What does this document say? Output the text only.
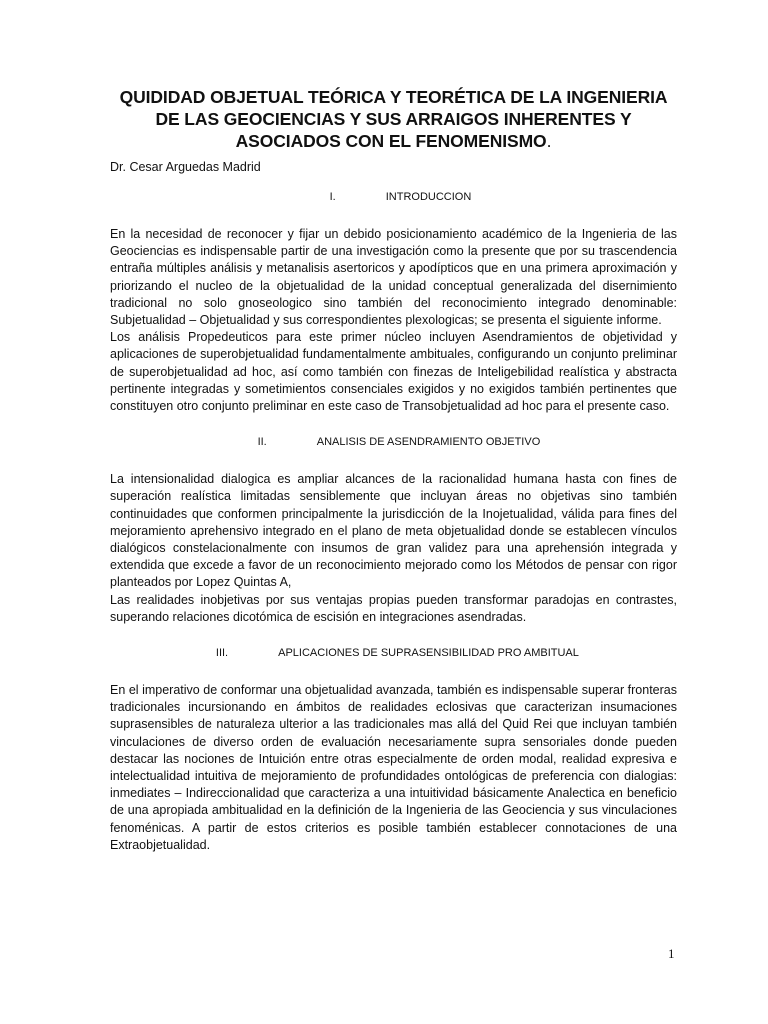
QUIDIDAD OBJETUAL TEÓRICA Y TEORÉTICA DE LA INGENIERIA DE LAS GEOCIENCIAS Y SUS ARRAIGOS INHERENTES Y ASOCIADOS CON EL FENOMENISMO.

Dr. Cesar Arguedas Madrid

I.	INTRODUCCION

En la necesidad de reconocer y fijar un debido posicionamiento académico de la Ingenieria de las Geociencias es indispensable partir de una investigación como la presente que por su trascendencia entraña múltiples análisis y metanalisis asertoricos y apodípticos que en una primera aproximación y priorizando el nucleo de la objetualidad de la unidad conceptual generalizada del disernimiento tradicional no solo gnoseologico sino también del reconocimiento integrado denominable: Subjetualidad – Objetualidad y sus correspondientes plexologicas; se presenta el siguiente informe.

Los análisis Propedeuticos para este primer núcleo incluyen Asendramientos de objetividad y aplicaciones de superobjetualidad fundamentalmente ambituales, configurando un conjunto preliminar de superobjetualidad ad hoc, así como también con finezas de Inteligebilidad realística y abstracta pertinente integradas y sometimientos consenciales exigidos y no exigidos también pertinentes que constituyen otro conjunto preliminar en este caso de Transobjetualidad ad hoc para el presente caso.

II.	ANALISIS DE ASENDRAMIENTO OBJETIVO

La intensionalidad dialogica es ampliar alcances de la racionalidad humana hasta con fines de superación realística limitadas sensiblemente que incluyan áreas no objetivas sino también continuidades que conformen principalmente la jurisdicción de la Inojetualidad, válida para fines del mejoramiento aprehensivo integrado en el plano de meta objetualidad donde se establecen vínculos dialógicos constelacionalmente con insumos de gran validez para una aprehensión integrada y extendida que excede a favor de un reconocimiento mejorado como los Métodos de pensar con rigor planteados por Lopez Quintas A,

Las realidades inobjetivas por sus ventajas propias pueden transformar paradojas en contrastes, superando relaciones dicotómica de escisión en integraciones asendradas.

III.	APLICACIONES DE SUPRASENSIBILIDAD PRO AMBITUAL

En el imperativo de conformar una objetualidad avanzada, también es indispensable superar fronteras tradicionales incursionando en ámbitos de realidades eclosivas que caracterizan insumaciones suprasensibles de naturaleza ulterior a las tradicionales mas allá del Quid Rei que incluyan también vinculaciones de diverso orden de evaluación necesariamente supra sensoriales donde pueden destacar las nociones de Intuición entre otras especialmente de orden modal, realidad expresiva e intelectualidad intuitiva de mejoramiento de profundidades ontológicas de preferencia con dialogias: inmediates – Indireccionalidad que caracteriza a una intuitividad básicamente Analectica en beneficio de una apropiada ambitualidad en la definición de la Ingenieria de las Geociencia y sus vinculaciones fenoménicas. A partir de estos criterios es posible también establecer connotaciones de una Extraobjetualidad.

1
